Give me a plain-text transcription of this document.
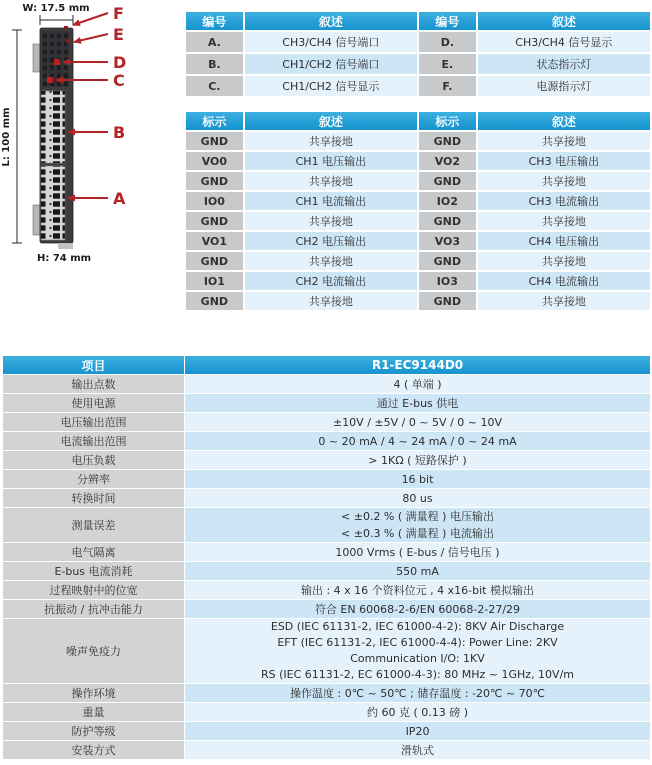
W: 17.5 mm
L: 100 mm
F
E
D
C
B
A
H: 74 mm
编号	叙述	编号	叙述
A.	CH3/CH4 信号端口	D.	CH3/CH4 信号显示
B.	CH1/CH2 信号端口	E.	状态指示灯
C.	CH1/CH2 信号显示	F.	电源指示灯
标示	叙述	标示	叙述
GND	共享接地	GND	共享接地
VO0	CH1 电压输出	VO2	CH3 电压输出
GND	共享接地	GND	共享接地
IO0	CH1 电流输出	IO2	CH3 电流输出
GND	共享接地	GND	共享接地
VO1	CH2 电压输出	VO3	CH4 电压输出
GND	共享接地	GND	共享接地
IO1	CH2 电流输出	IO3	CH4 电流输出
GND	共享接地	GND	共享接地
项目	R1-EC9144D0
输出点数	4 ( 单端 )

使用电源	通过 E-bus 供电

电压输出范围	±10V / ±5V / 0 ~ 5V / 0 ~ 10V

电流输出范围	0 ~ 20 mA / 4 ~ 24 mA / 0 ~ 24 mA

电压负载	> 1KΩ ( 短路保护 )

分辨率	16 bit

转换时间	80 us

测量误差	< ±0.2 % ( 满量程 ) 电压输出
< ±0.3 % ( 满量程 ) 电流输出

电气隔离	1000 Vrms ( E-bus / 信号电压 )

E-bus 电流消耗	550 mA

过程映射中的位宽	输出 : 4 x 16 个资料位元 , 4 x16-bit 模拟输出

抗振动 / 抗冲击能力	符合 EN 60068-2-6/EN 60068-2-27/29

噪声免疫力	ESD (IEC 61131-2, IEC 61000-4-2): 8KV Air Discharge
EFT (IEC 61131-2, IEC 61000-4-4): Power Line: 2KV
Communication I/O: 1KV
RS (IEC 61131-2, EC 61000-4-3): 80 MHz ~ 1GHz, 10V/m

操作环境	操作温度 : 0℃ ~ 50℃ ; 储存温度 : -20℃ ~ 70℃

重量	约 60 克 ( 0.13 磅 )

防护等级	IP20

安装方式	滑轨式
